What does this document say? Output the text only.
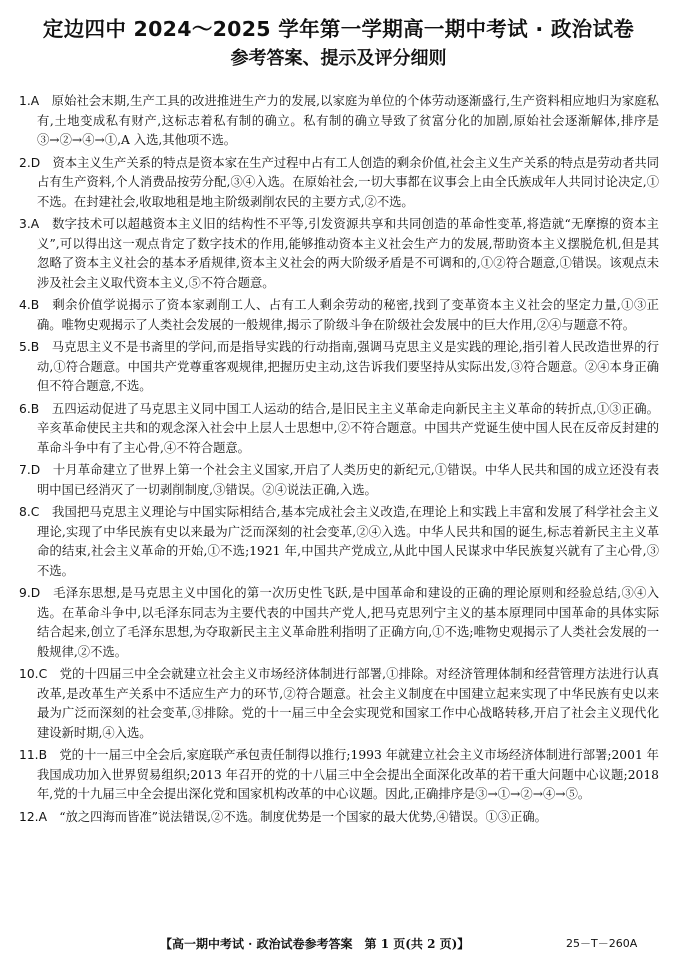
定边四中 2024～2025 学年第一学期高一期中考试 · 政治试卷
参考答案、提示及评分细则
1.A　 原始社会末期,生产工具的改进推进生产力的发展,以家庭为单位的个体劳动逐渐盛行,生产资料相应地归为家庭私有,土地变成私有财产,这标志着私有制的确立。私有制的确立导致了贫富分化的加剧,原始社会逐渐解体,排序是③→②→④→①,A 入选,其他项不选。
2.D　 资本主义生产关系的特点是资本家在生产过程中占有工人创造的剩余价值,社会主义生产关系的特点是劳动者共同占有生产资料,个人消费品按劳分配,③④入选。在原始社会,一切大事都在议事会上由全氏族成年人共同讨论决定,①不选。在封建社会,收取地租是地主阶级剥削农民的主要方式,②不选。
3.A　 数字技术可以超越资本主义旧的结构性不平等,引发资源共享和共同创造的革命性变革,将造就“无摩擦的资本主义”,可以得出这一观点肯定了数字技术的作用,能够推动资本主义社会生产力的发展,帮助资本主义摆脱危机,但是其忽略了资本主义社会的基本矛盾规律,资本主义社会的两大阶级矛盾是不可调和的,①②符合题意,①错误。该观点未涉及社会主义取代资本主义,⑤不符合题意。
4.B　 剩余价值学说揭示了资本家剥削工人、占有工人剩余劳动的秘密,找到了变革资本主义社会的坚定力量,①③正确。唯物史观揭示了人类社会发展的一般规律,揭示了阶级斗争在阶级社会发展中的巨大作用,②④与题意不符。
5.B　 马克思主义不是书斋里的学问,而是指导实践的行动指南,强调马克思主义是实践的理论,指引着人民改造世界的行动,①符合题意。中国共产党尊重客观规律,把握历史主动,这告诉我们要坚持从实际出发,③符合题意。②④本身正确但不符合题意,不选。
6.B　 五四运动促进了马克思主义同中国工人运动的结合,是旧民主主义革命走向新民主主义革命的转折点,①③正确。辛亥革命使民主共和的观念深入社会中上层人士思想中,②不符合题意。中国共产党诞生使中国人民在反帝反封建的革命斗争中有了主心骨,④不符合题意。
7.D　 十月革命建立了世界上第一个社会主义国家,开启了人类历史的新纪元,①错误。中华人民共和国的成立还没有表明中国已经消灭了一切剥削制度,③错误。②④说法正确,入选。
8.C　 我国把马克思主义理论与中国实际相结合,基本完成社会主义改造,在理论上和实践上丰富和发展了科学社会主义理论,实现了中华民族有史以来最为广泛而深刻的社会变革,②④入选。中华人民共和国的诞生,标志着新民主主义革命的结束,社会主义革命的开始,①不选;1921 年,中国共产党成立,从此中国人民谋求中华民族复兴就有了主心骨,③不选。
9.D　 毛泽东思想,是马克思主义中国化的第一次历史性飞跃,是中国革命和建设的正确的理论原则和经验总结,③④入选。在革命斗争中,以毛泽东同志为主要代表的中国共产党人,把马克思列宁主义的基本原理同中国革命的具体实际结合起来,创立了毛泽东思想,为夺取新民主主义革命胜利指明了正确方向,①不选;唯物史观揭示了人类社会发展的一般规律,②不选。
10.C　 党的十四届三中全会就建立社会主义市场经济体制进行部署,①排除。对经济管理体制和经营管理方法进行认真改革,是改革生产关系中不适应生产力的环节,②符合题意。社会主义制度在中国建立起来实现了中华民族有史以来最为广泛而深刻的社会变革,③排除。党的十一届三中全会实现党和国家工作中心战略转移,开启了社会主义现代化建设新时期,④入选。
11.B　 党的十一届三中全会后,家庭联产承包责任制得以推行;1993 年就建立社会主义市场经济体制进行部署;2001 年我国成功加入世界贸易组织;2013 年召开的党的十八届三中全会提出全面深化改革的若干重大问题中心议题;2018 年,党的十九届三中全会提出深化党和国家机构改革的中心议题。因此,正确排序是③→①→②→④→⑤。
12.A　 “放之四海而皆准”说法错误,②不选。制度优势是一个国家的最大优势,④错误。①③正确。
【高一期中考试 · 政治试卷参考答案　第 1 页(共 2 页)】	25－T－260A
